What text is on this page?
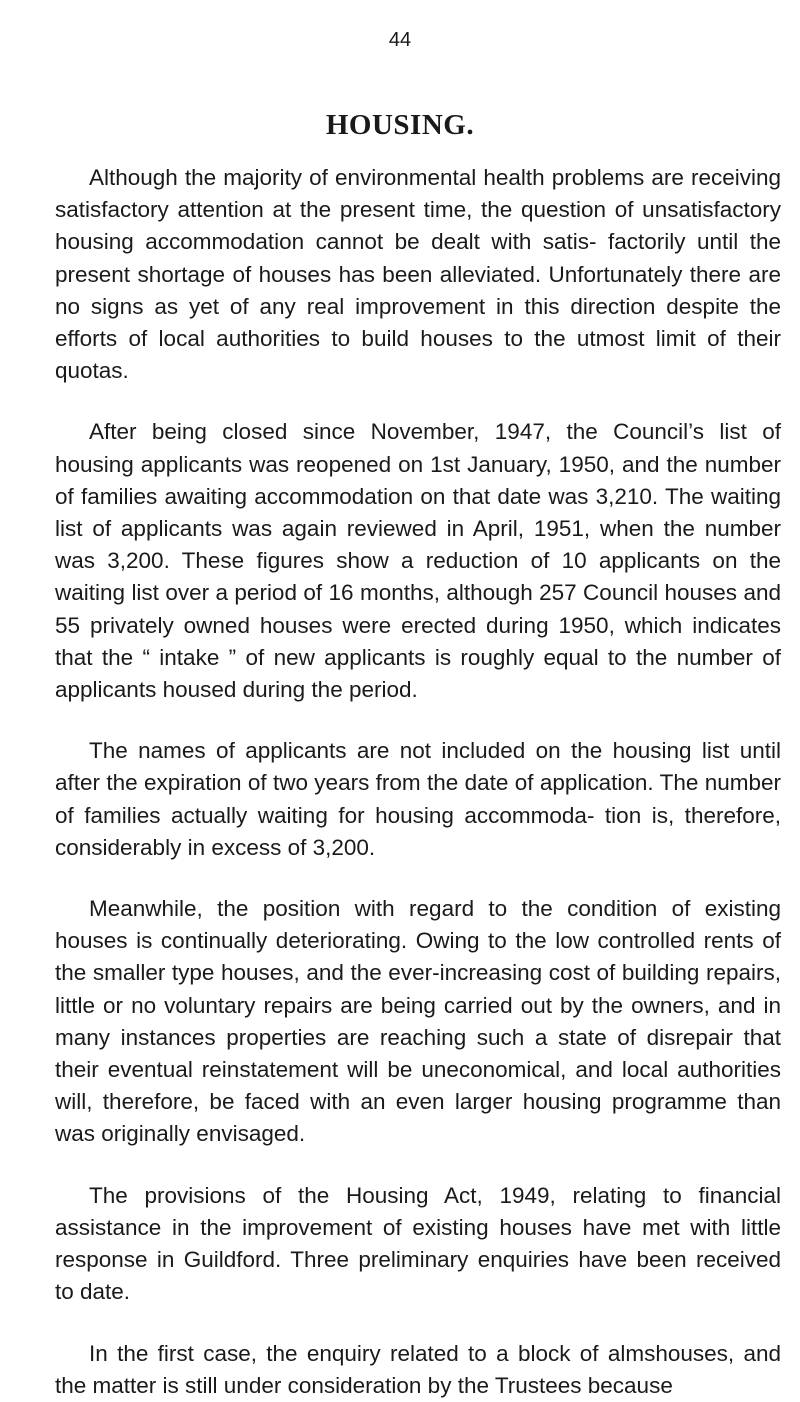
44
HOUSING.

Although the majority of environmental health problems are receiving satisfactory attention at the present time, the question of unsatisfactory housing accommodation cannot be dealt with satis- factorily until the present shortage of houses has been alleviated. Unfortunately there are no signs as yet of any real improvement in this direction despite the efforts of local authorities to build houses to the utmost limit of their quotas.

After being closed since November, 1947, the Council’s list of housing applicants was reopened on 1st January, 1950, and the number of families awaiting accommodation on that date was 3,210. The waiting list of applicants was again reviewed in April, 1951, when the number was 3,200. These figures show a reduction of 10 applicants on the waiting list over a period of 16 months, although 257 Council houses and 55 privately owned houses were erected during 1950, which indicates that the “ intake ” of new applicants is roughly equal to the number of applicants housed during the period.

The names of applicants are not included on the housing list until after the expiration of two years from the date of application. The number of families actually waiting for housing accommoda- tion is, therefore, considerably in excess of 3,200.

Meanwhile, the position with regard to the condition of existing houses is continually deteriorating. Owing to the low controlled rents of the smaller type houses, and the ever-increasing cost of building repairs, little or no voluntary repairs are being carried out by the owners, and in many instances properties are reaching such a state of disrepair that their eventual reinstatement will be uneconomical, and local authorities will, therefore, be faced with an even larger housing programme than was originally envisaged.

The provisions of the Housing Act, 1949, relating to financial assistance in the improvement of existing houses have met with little response in Guildford. Three preliminary enquiries have been received to date.

In the first case, the enquiry related to a block of almshouses, and the matter is still under consideration by the Trustees because
